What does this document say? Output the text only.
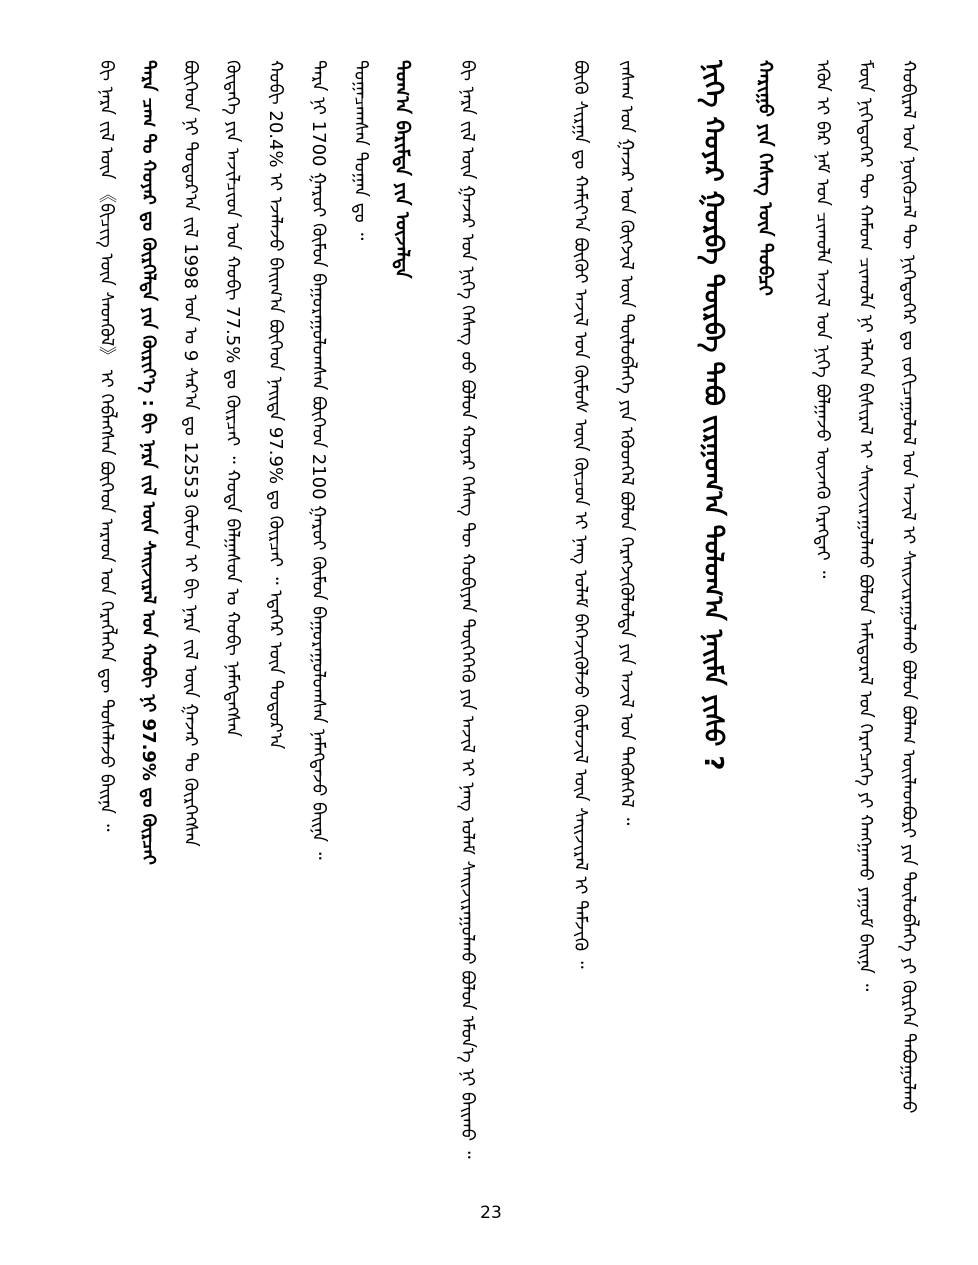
ᠬᠤᠪᠢᠷᠠᠯ ᠤᠨ ᠨᠦᠬᠦᠴᠡᠯ ᠲᠦ ᠨᠢᠭᠡᠳᠦᠭᠡᠷ ᠳᠤ ᠵᠣᠬᠢᠴᠠᠭᠤᠯᠤᠯ ᠤᠨ ᠠᠵᠢᠯ ᠢ ᠰᠠᠢᠵᠢᠷᠠᠭᠤᠯᠬᠤ ᠪᠣᠯᠤᠨ ᠪᠤᠯᠠᠭ ᠦᠢᠯᠡᠳᠪᠦᠷᠢ ᠶᠢᠨ ᠲᠥᠯᠦᠪᠯᠡᠭᠡ ᠶᠢ ᠬᠦᠷᠭᠡᠨ ᠳᠠᠪᠤᠭᠤᠯᠬᠤ
ᠮᠥᠨ ᠨᠢᠭᠡᠳᠦᠭᠡᠷ ᠲᠦ ᠬᠠᠮᠤᠭ ᠴᠢᠬᠤᠯᠠ ᠨᠢ ᠡᠯᠡᠬᠡᠨ ᠪᠢᠰᠢᠷᠡᠯ ᠢ ᠰᠠᠢᠵᠢᠷᠠᠭᠤᠯᠬᠤ ᠪᠣᠯᠤᠨ ᠠᠮᠢᠳᠤᠷᠠᠯ ᠤᠨ ᠬᠡᠷᠡᠭᠴᠡᠭᠡ ᠶᠢ ᠬᠠᠩᠭᠠᠬᠤ ᠶᠠᠭᠤᠮ ᠪᠠᠢᠨᠠ ᠃
ᠡᠭᠦᠨ ᠢ ᠪᠠᠷ ᠨᠠᠮ ᠤᠨ ᠴᠢᠬᠤᠯᠠ ᠠᠵᠢᠯ ᠤᠨ ᠨᠢᠭᠡ ᠪᠣᠯᠭᠠᠵᠤ ᠦᠵᠡᠬᠦ ᠬᠡᠷᠡᠭᠲᠡᠢ ᠃
ᠨᠢᠭᠡ ᠬᠣᠶᠠᠷ ᠭᠤᠷᠪᠠ ᠳᠦᠷᠪᠡ ᠲᠠᠪᠤ ᠵᠢᠷᠭᠤᠭ᠎ᠠ ᠳᠣᠯᠣᠭ᠎ᠠ ᠨᠠᠢᠮᠠ ᠶᠢᠰᠦ ?	ᠬᠠᠷᠢᠭᠤ ᠶᠢᠨ ᠬᠡᠰᠡᠭ ᠦᠨ ᠲᠣᠪᠴᠢ
ᠵᠠᠰᠠᠭ ᠤᠨ ᠭᠠᠵᠠᠷ ᠤᠨ ᠬᠥᠭᠵᠢᠯ ᠦᠨ ᠲᠥᠯᠦᠪᠯᠡᠭᠡ ᠶᠢᠨ ᠡᠭᠦᠳᠬᠡᠯ ᠪᠣᠯᠤᠨ ᠬᠡᠷᠡᠭᠵᠢᠭᠦᠯᠦᠯᠲᠡ ᠶᠢᠨ ᠠᠵᠢᠯ ᠤᠨ ᠲᠡᠭᠦᠰᠬᠡᠯ ᠃
ᠪᠦᠬᠦ ᠰᠢᠷᠭᠠ ᠳᠤ ᠬᠠᠮᠢᠶ᠎ᠠ ᠪᠦᠬᠦᠢ ᠠᠵᠢᠯ ᠤᠨ ᠬᠦᠮᠦᠰ ᠦᠨ ᠬᠦᠴᠦᠨ ᠢ ᠨᠡᠩ ᠤᠯᠠᠮ ᠪᠡᠬᠡᠵᠢᠭᠦᠯᠵᠦ ᠬᠦᠮᠦᠵᠢᠯ ᠦᠨ ᠰᠠᠢᠵᠢᠷᠠᠯ ᠢ ᠳᠡᠮᠵᠢᠬᠦ ᠃
ᠪᠢ ᠨᠡᠷᠡ ᠵᠢᠯ ᠦᠨ ᠭᠠᠵᠠᠷ ᠤᠨ ᠨᠢᠭᠡ ᠬᠡᠰᠡᠭ ᠤᠤ ᠪᠣᠯᠣᠨ ᠬᠣᠶᠠᠷ ᠬᠡᠰᠡᠭ ᠲᠦ ᠬᠤᠪᠢᠶᠠᠨ ᠲᠦᠭᠡᠭᠡᠬᠦ ᠶᠢᠨ ᠠᠵᠢᠯ ᠢ ᠨᠡᠩ ᠤᠯᠠᠮ ᠰᠠᠢᠵᠢᠷᠠᠭᠤᠯᠬᠤ ᠪᠣᠯᠤᠨ ᠡᠮᠦᠨ᠎ᠡ ᠨᠢ ᠪᠠᠢᠬᠤ ᠃
ᠲᠣᠭ᠎ᠠ ᠪᠠᠷᠢᠮᠲᠠ ᠶᠢᠨ ᠦᠵᠡᠯᠲᠡ
ᠲᠣᠭᠠᠴᠠᠭᠰᠠᠨ ᠲᠣᠭᠠᠨ ᠳᠤ ᠃
ᠲᠡᠷᠡ ᠨᠢ 1700 ᠭᠠᠷᠤᠢ ᠬᠦᠮᠦᠨ ᠪᠠᠭᠤᠷᠠᠭᠤᠯᠤᠭᠰᠠᠨ ᠪᠥᠭᠡᠳ 2100 ᠭᠠᠷᠤᠢ ᠬᠦᠮᠦᠨ ᠪᠠᠭᠤᠷᠠᠭᠤᠯᠤᠭᠰᠠᠨ ᠨᠡᠮᠡᠭᠳᠡᠵᠦ ᠪᠠᠢᠨᠠ ᠃
ᠬᠤᠪᠢ 20.4% ᠢ ᠡᠵᠡᠯᠡᠵᠦ ᠪᠠᠢᠭ᠎ᠠ ᠪᠥᠭᠡᠳ ᠨᠡᠢᠲᠡ 97.9% ᠳᠤ ᠬᠦᠷᠴᠡᠢ ᠃ ᠡᠳᠡᠭᠡᠷ ᠦᠨ ᠳᠣᠲᠣᠷ᠎ᠠ
ᠬᠥᠳᠡᠭᠡ ᠶᠢᠨ ᠠᠵᠢᠯᠴᠢᠳ ᠤᠨ ᠬᠤᠪᠢ 77.5% ᠳᠤ ᠬᠦᠷᠴᠡᠢ ᠃ ᠬᠣᠲᠠ ᠪᠠᠯᠭᠠᠰᠤᠨ ᠤ ᠬᠤᠪᠢ ᠨᠡᠮᠡᠭᠳᠡᠭᠰᠡᠨ
ᠪᠥᠭᠡᠳ ᠨᠢ ᠳᠣᠲᠣᠷ᠎ᠠ ᠵᠢᠯ 1998 ᠣᠨ ᠤ 9 ᠰᠠᠷ᠎ᠠ ᠳᠤ 12553 ᠬᠦᠮᠦᠨ ᠢ ᠪᠢ ᠨᠡᠷᠡ ᠵᠢᠯ ᠦᠨ ᠭᠠᠵᠠᠷ ᠲᠤ ᠬᠦᠷᠭᠡᠭᠰᠡᠨ
ᠲᠡᠷᠡ ᠴᠠᠭ ᠲᠤ ᠬᠣᠶᠠᠷ ᠳᠤ ᠬᠦᠷᠭᠡᠯᠲᠡ ᠶᠢᠨ ᠬᠦᠷᠢᠶ᠎ᠡ : ᠪᠢ ᠨᠡᠷᠡ ᠵᠢᠯ ᠦᠨ ᠰᠠᠢᠵᠢᠷᠠᠯ ᠤᠨ ᠬᠤᠪᠢ ᠨᠢ 97.9% ᠳᠤ ᠬᠦᠷᠴᠡᠢ
ᠪᠢ ᠨᠡᠷᠡ ᠵᠢᠯ ᠦᠨ 《ᠪᠢᠴᠢᠭ ᠦᠨ ᠰᠡᠳᠬᠦᠯ》 ᠢ ᠬᠡᠪᠯᠡᠭᠰᠡᠨ ᠪᠥᠭᠡᠳ ᠠᠷᠠᠳ ᠤᠨ ᠬᠡᠷᠡᠭᠯᠡᠭᠡᠨ ᠳᠦ ᠲᠤᠰᠠᠯᠠᠵᠤ ᠪᠠᠢᠨᠠ ᠃
23
